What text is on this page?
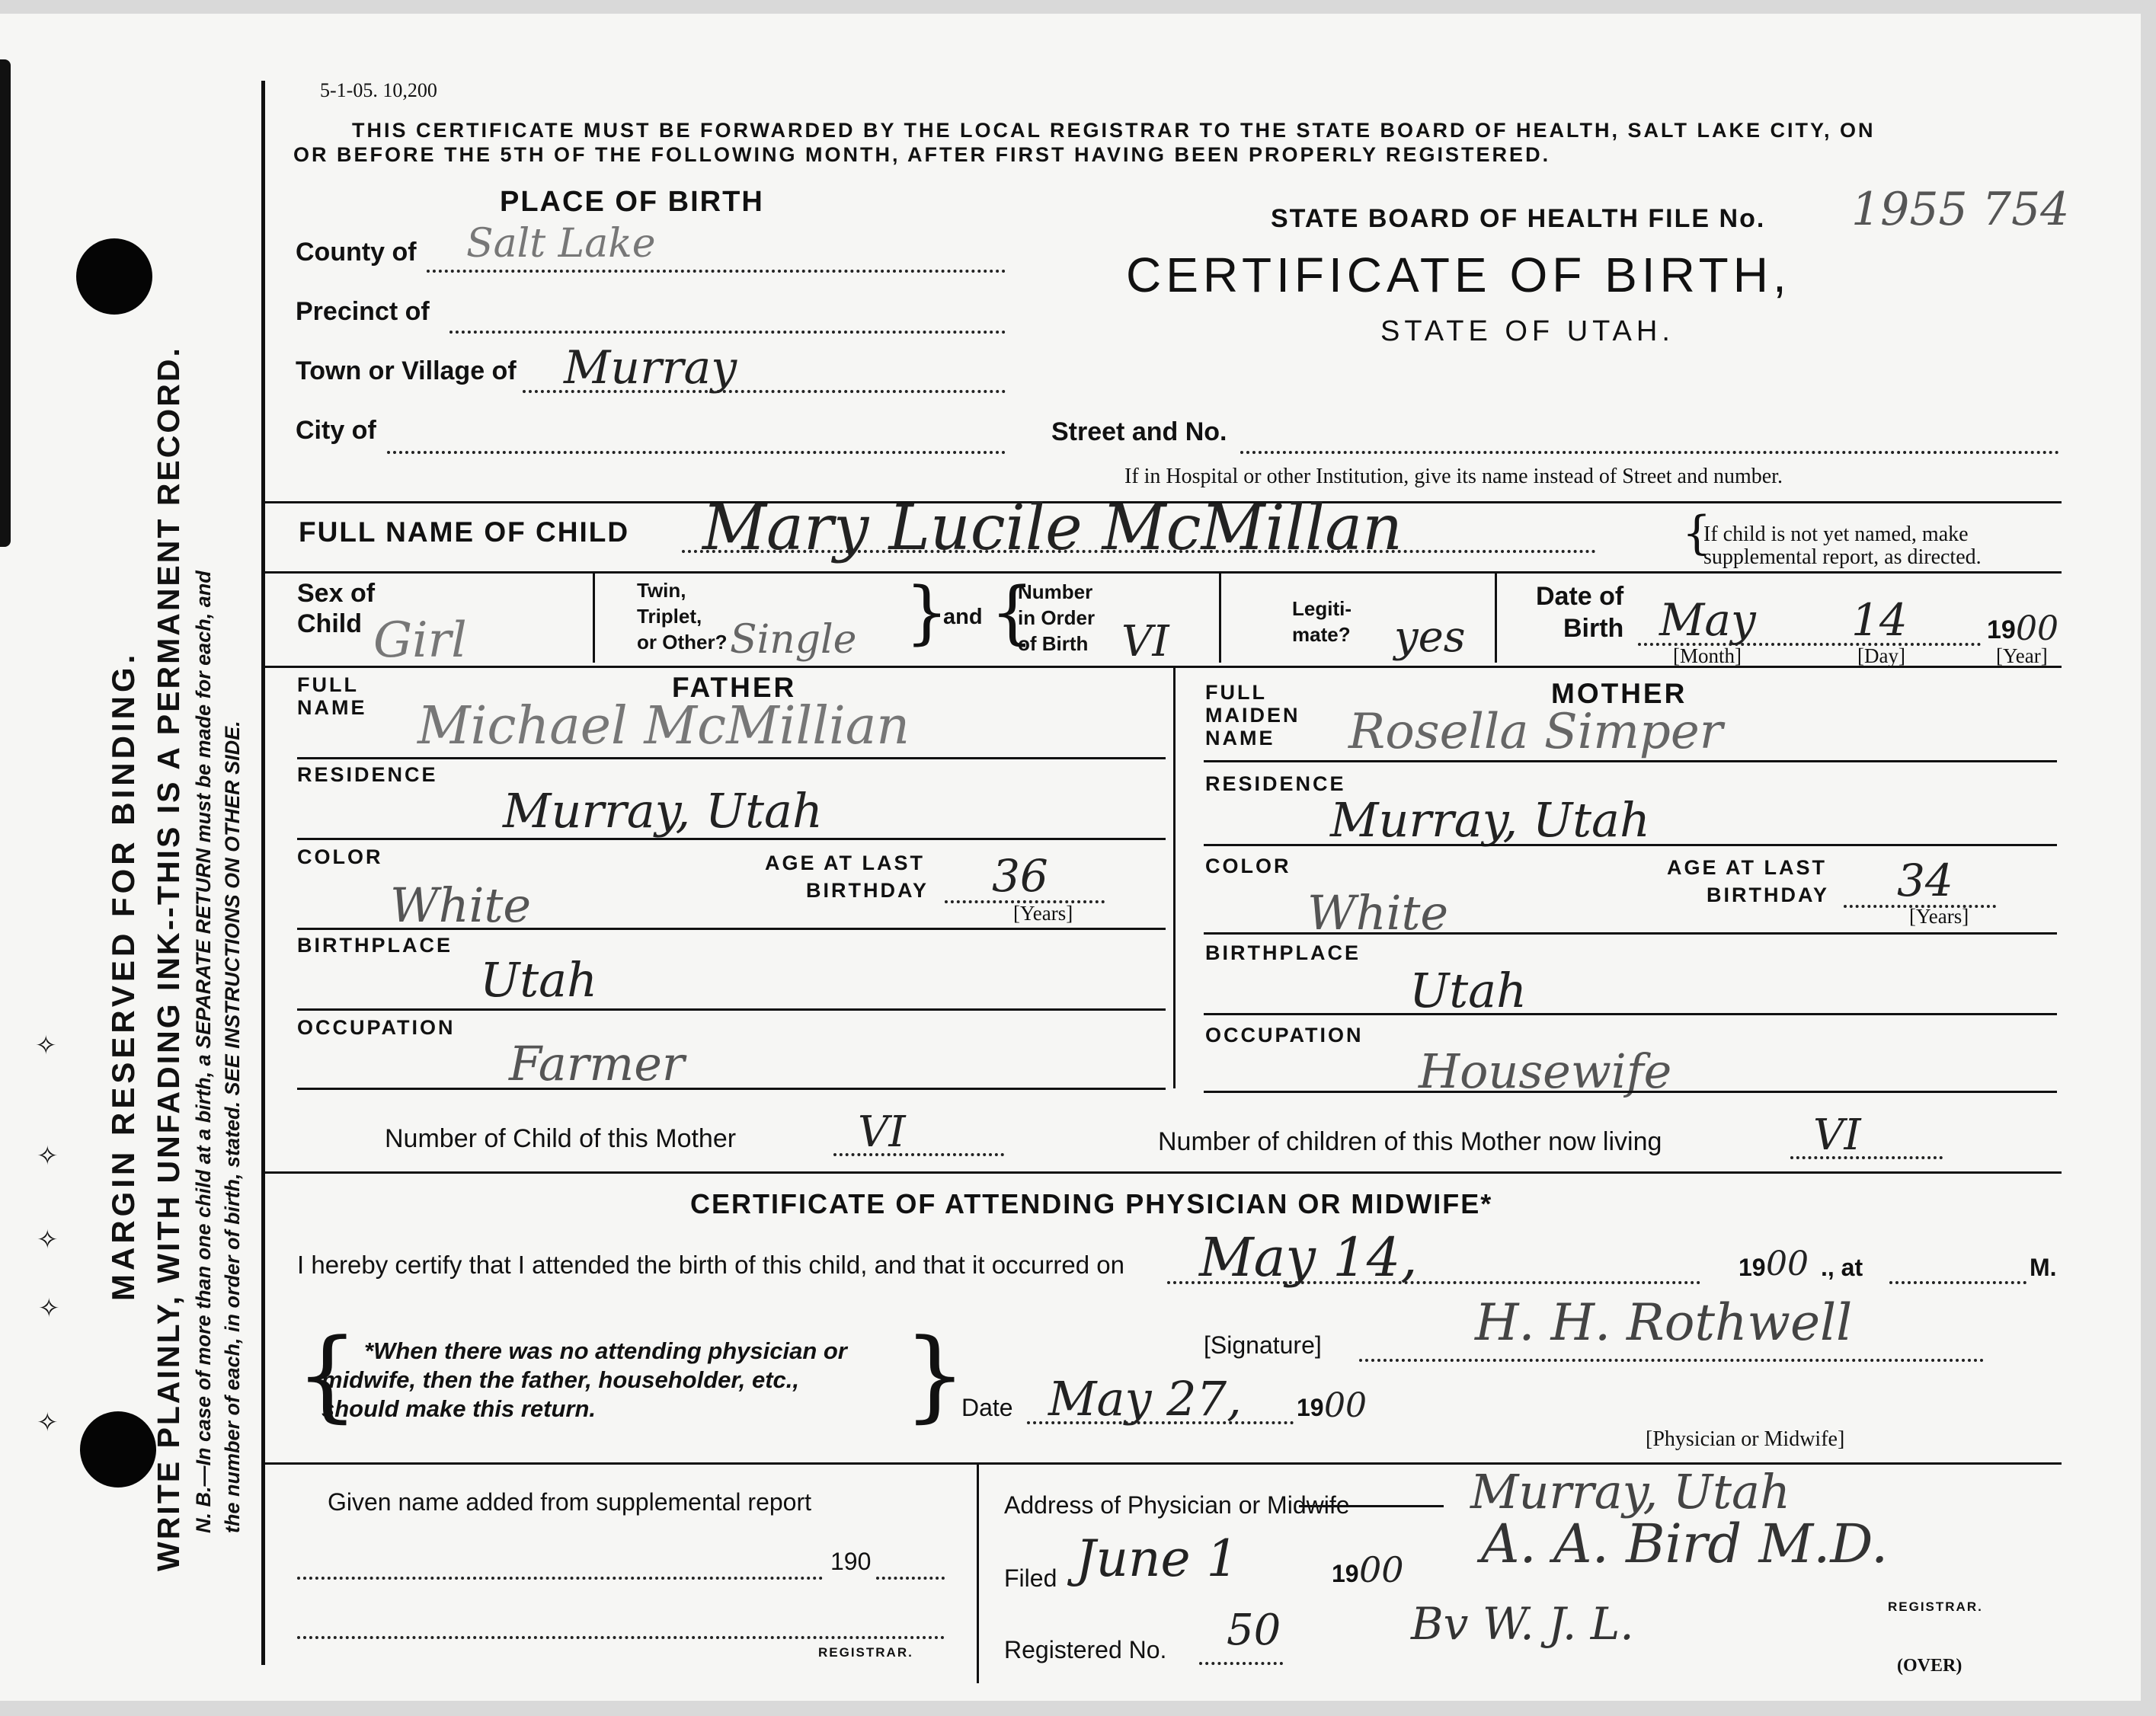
✧
✧
✧
✧
✧
MARGIN RESERVED FOR BINDING. WRITE PLAINLY, WITH UNFADING INK--THIS IS A PERMANENT RECORD. N. B.—In case of more than one child at a birth, a SEPARATE RETURN must be made for each, and the number of each, in order of birth, stated. SEE INSTRUCTIONS ON OTHER SIDE.
5-1-05. 10,200
THIS CERTIFICATE MUST BE FORWARDED BY THE LOCAL REGISTRAR TO THE STATE BOARD OF HEALTH, SALT LAKE CITY, ON
OR BEFORE THE 5TH OF THE FOLLOWING MONTH, AFTER FIRST HAVING BEEN PROPERLY REGISTERED.
PLACE OF BIRTH
County of Salt Lake
Precinct of
Town or Village of Murray
City of	Street and No.
If in Hospital or other Institution, give its name instead of Street and number.
STATE BOARD OF HEALTH FILE No. 1955 754
CERTIFICATE OF BIRTH,
STATE OF UTAH.
FULL NAME OF CHILD Mary Lucile McMillan	{
If child is not yet named, make
supplemental report, as directed.
Sex of
Child Girl
Twin,
Triplet,
or Other? Single }
and {
Number
in Order
of Birth VI
Legiti-
mate? yes
Date of
Birth May 14	19 00
[Month]	[Day]	[Year]
FULL
NAME
FATHER
Michael McMillian
RESIDENCE
Murray, Utah
COLOR	AGE AT LAST
BIRTHDAY 36
[Years]
White
BIRTHPLACE
Utah
OCCUPATION
Farmer
FULL
MAIDEN
NAME
MOTHER
Rosella Simper
RESIDENCE
Murray, Utah
COLOR	AGE AT LAST
BIRTHDAY 34
[Years]
White
BIRTHPLACE
Utah
OCCUPATION
Housewife
Number of Child of this Mother	VI	Number of children of this Mother now living	VI
CERTIFICATE OF ATTENDING PHYSICIAN OR MIDWIFE*
I hereby certify that I attended the birth of this child, and that it occurred on May 14,	19 00 ., at	M.
{ *When there was no attending physician or
midwife, then the father, householder, etc.,
should make this return.	}	[Signature]	H. H. Rothwell
Date May 27, 19 00
[Physician or Midwife]
Given name added from supplemental report
190
REGISTRAR.
Address of Physician or Midwife	Murray, Utah
Filed June 1	19 00 A. A. Bird M.D.
REGISTRAR.
Registered No. 50	Bv W. J. L.
(OVER)
